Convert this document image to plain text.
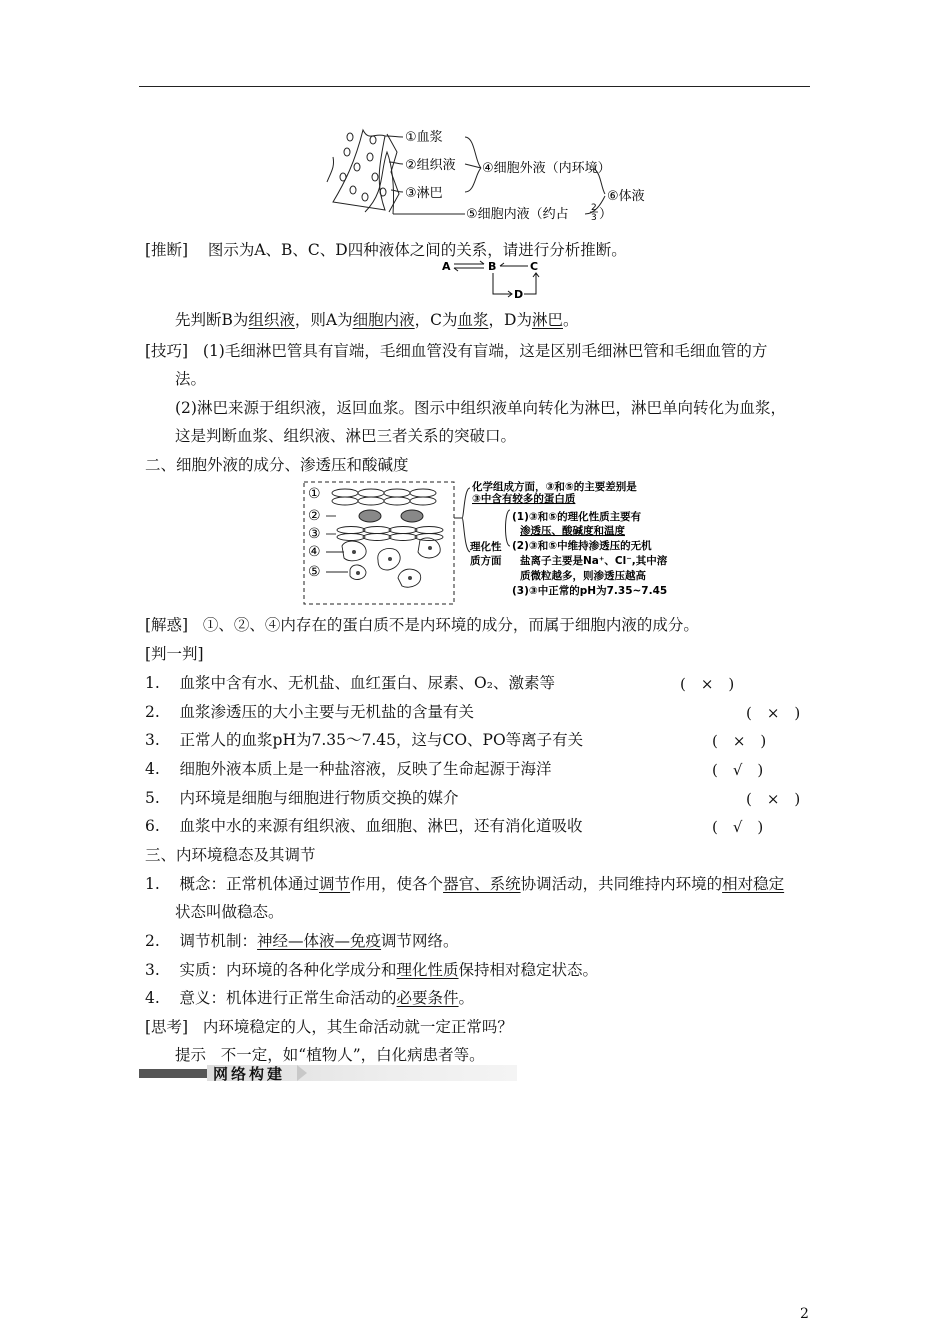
①血浆
②组织液
③淋巴
④细胞外液（内环境）
⑤细胞内液（约占 2
3 ）
⑥体液
[推断] 图示为A、B、C、D四种液体之间的关系，请进行分析推断。
A	B	C
D
先判断B为组织液，则A为细胞内液，C为血浆，D为淋巴。
[技巧] (1)毛细淋巴管具有盲端，毛细血管没有盲端，这是区别毛细淋巴管和毛细血管的方
法。
(2)淋巴来源于组织液，返回血浆。图示中组织液单向转化为淋巴，淋巴单向转化为血浆，
这是判断血浆、组织液、淋巴三者关系的突破口。
二、细胞外液的成分、渗透压和酸碱度
①
②
③
④
⑤
化学组成方面，③和⑤的主要差别是
③中含有较多的蛋白质
理化性
质方面
(1)③和⑤的理化性质主要有
渗透压、酸碱度和温度
(2)③和⑤中维持渗透压的无机
盐离子主要是Na⁺、Cl⁻,其中溶
质微粒越多，则渗透压越高
(3)③中正常的pH为7.35~7.45
[解惑] ①、②、④内存在的蛋白质不是内环境的成分，而属于细胞内液的成分。
[判一判]
1. 血浆中含有水、无机盐、血红蛋白、尿素、O₂、激素等	(　×　)
2. 血浆渗透压的大小主要与无机盐的含量有关	(　×　)
3. 正常人的血浆pH为7.35～7.45，这与CO、PO等离子有关	(　×　)
4. 细胞外液本质上是一种盐溶液，反映了生命起源于海洋	(　√　)
5. 内环境是细胞与细胞进行物质交换的媒介	(　×　)
6. 血浆中水的来源有组织液、血细胞、淋巴，还有消化道吸收	(　√　)
三、内环境稳态及其调节
1. 概念：正常机体通过调节作用，使各个器官、系统协调活动，共同维持内环境的相对稳定
状态叫做稳态。
2. 调节机制：神经—体液—免疫调节网络。
3. 实质：内环境的各种化学成分和理化性质保持相对稳定状态。
4. 意义：机体进行正常生命活动的必要条件。
[思考] 内环境稳定的人，其生命活动就一定正常吗？
提示 不一定，如“植物人”，白化病患者等。
网络构建
2
